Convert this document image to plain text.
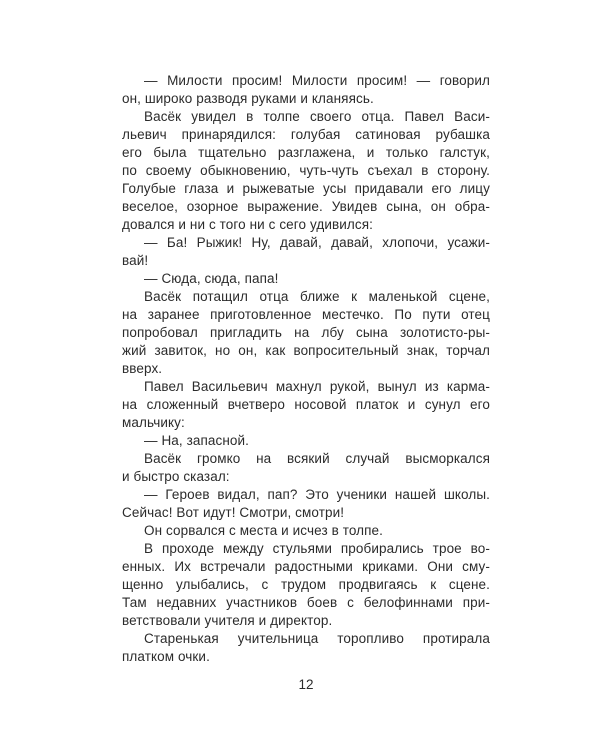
— Милости просим! Милости просим! — говорил
он, широко разводя руками и кланяясь.
Васёк увидел в толпе своего отца. Павел Васи-
льевич принарядился: голубая сатиновая рубашка
его была тщательно разглажена, и только галстук,
по своему обыкновению, чуть-чуть съехал в сторону.
Голубые глаза и рыжеватые усы придавали его лицу
веселое, озорное выражение. Увидев сына, он обра-
довался и ни с того ни с сего удивился:
— Ба! Рыжик! Ну, давай, давай, хлопочи, усажи-
вай!
— Сюда, сюда, папа!
Васёк потащил отца ближе к маленькой сцене,
на заранее приготовленное местечко. По пути отец
попробовал пригладить на лбу сына золотисто-ры-
жий завиток, но он, как вопросительный знак, торчал
вверх.
Павел Васильевич махнул рукой, вынул из карма-
на сложенный вчетверо носовой платок и сунул его
мальчику:
— На, запасной.
Васёк громко на всякий случай высморкался
и быстро сказал:
— Героев видал, пап? Это ученики нашей школы.
Сейчас! Вот идут! Смотри, смотри!
Он сорвался с места и исчез в толпе.
В проходе между стульями пробирались трое во-
енных. Их встречали радостными криками. Они сму-
щенно улыбались, с трудом продвигаясь к сцене.
Там недавних участников боев с белофиннами при-
ветствовали учителя и директор.
Старенькая учительница торопливо протирала
платком очки.
12
